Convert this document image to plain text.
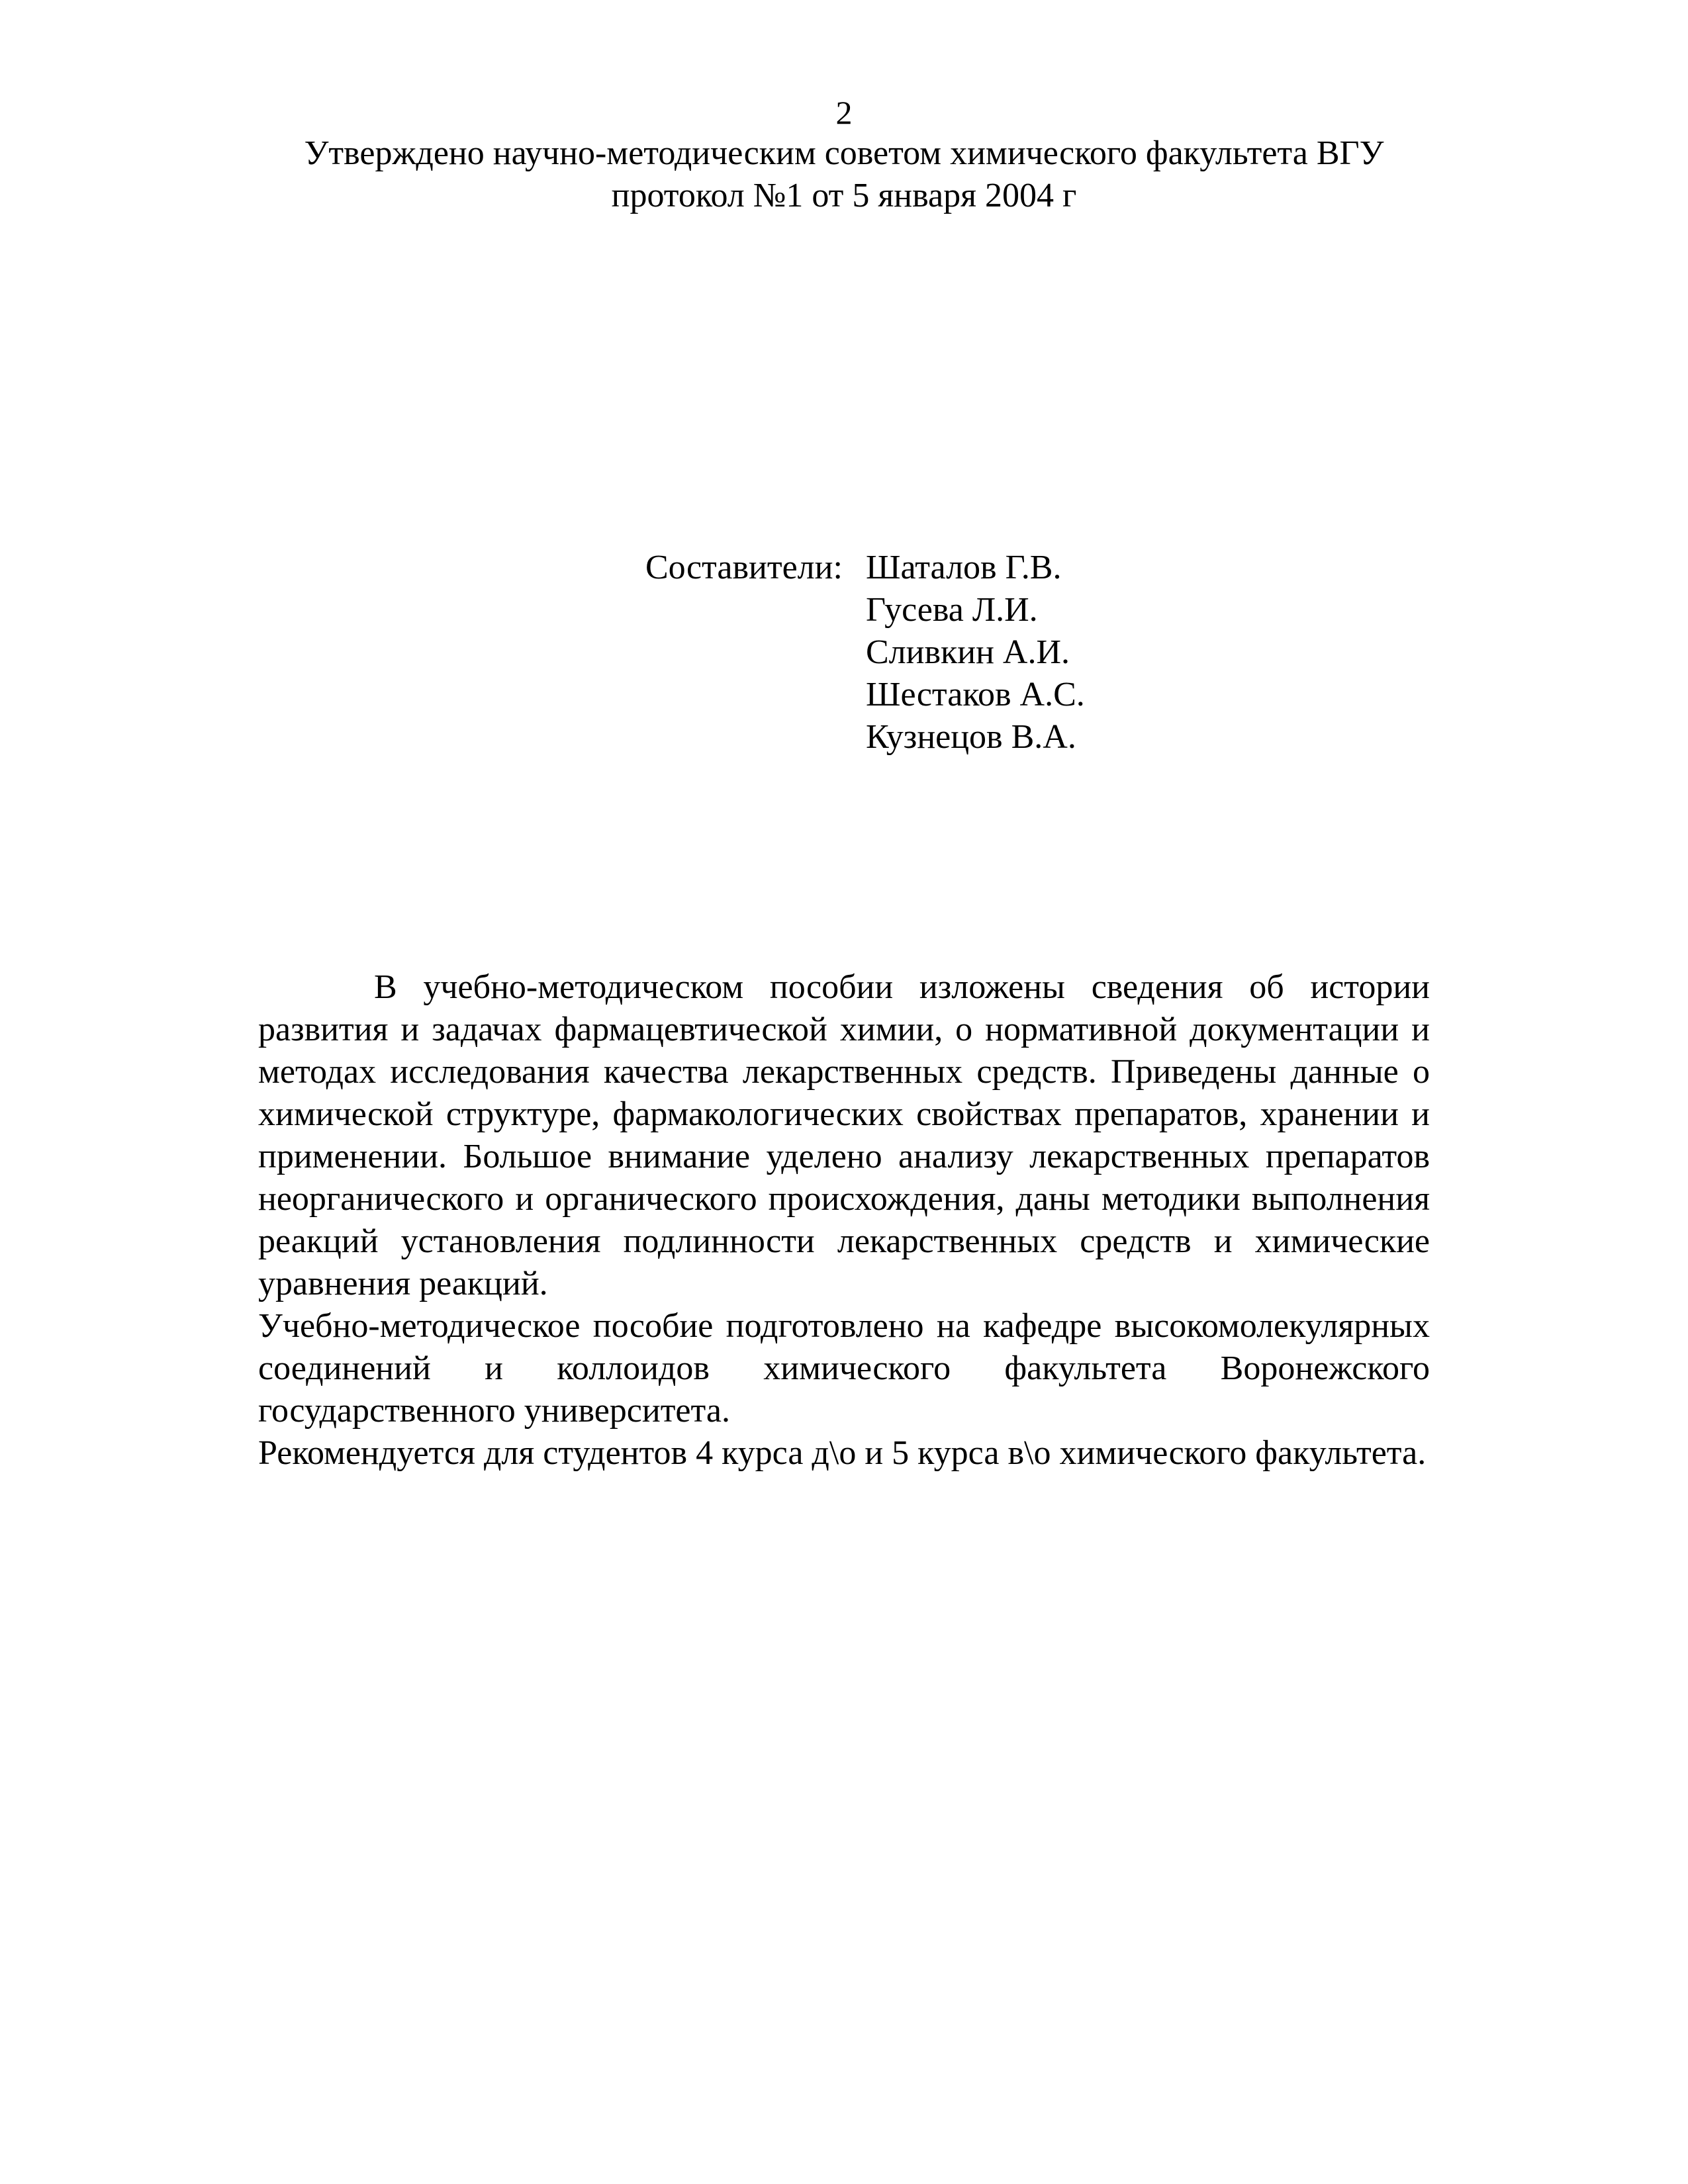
2
Утверждено научно-методическим советом химического факультета ВГУ
протокол №1 от 5 января 2004 г
Составители: Шаталов Г.В.
Гусева Л.И.
Сливкин А.И.
Шестаков А.С.
Кузнецов В.А.

В учебно-методическом пособии изложены сведения об истории развития и задачах фармацевтической химии, о нормативной документации и методах исследования качества лекарственных средств. Приведены данные о химической структуре, фармакологических свойствах препаратов, хранении и применении. Большое внимание уделено анализу лекарственных препаратов неорганического и органического происхождения, даны методики выполнения реакций установления подлинности лекарственных средств и химические уравнения реакций.

Учебно-методическое пособие подготовлено на кафедре высокомолекулярных соединений и коллоидов химического факультета Воронежского государственного университета.

Рекомендуется для студентов 4 курса д\о и 5 курса в\о химического факультета.
